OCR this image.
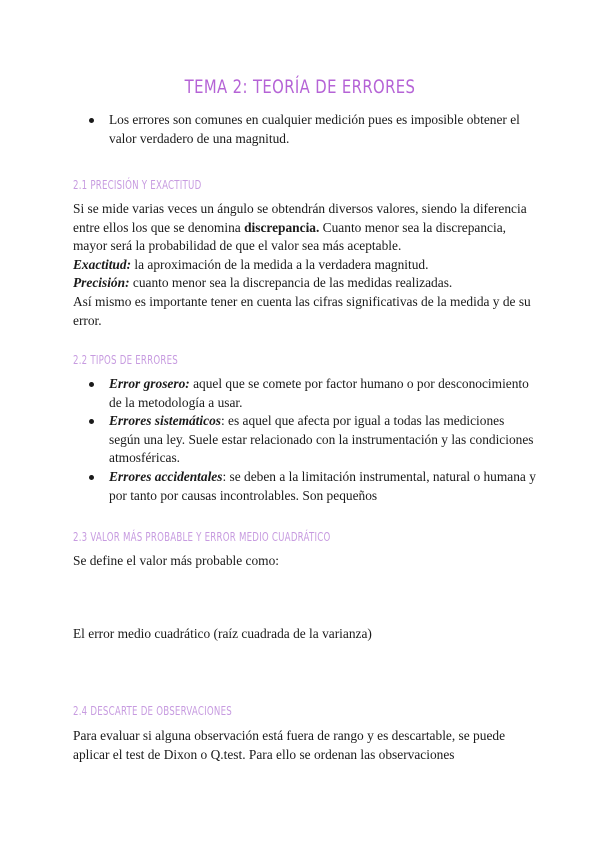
TEMA 2: TEORÍA DE ERRORES
Los errores son comunes en cualquier medición pues es imposible obtener el valor verdadero de una magnitud.
2.1 PRECISIÓN Y EXACTITUD
Si se mide varias veces un ángulo se obtendrán diversos valores, siendo la diferencia entre ellos los que se denomina discrepancia. Cuanto menor sea la discrepancia, mayor será la probabilidad de que el valor sea más aceptable.
Exactitud: la aproximación de la medida a la verdadera magnitud.
Precisión: cuanto menor sea la discrepancia de las medidas realizadas.
Así mismo es importante tener en cuenta las cifras significativas de la medida y de su error.
2.2 TIPOS DE ERRORES
Error grosero: aquel que se comete por factor humano o por desconocimiento de la metodología a usar.
Errores sistemáticos: es aquel que afecta por igual a todas las mediciones según una ley. Suele estar relacionado con la instrumentación y las condiciones atmosféricas.
Errores accidentales: se deben a la limitación instrumental, natural o humana y por tanto por causas incontrolables. Son pequeños
2.3 VALOR MÁS PROBABLE Y ERROR MEDIO CUADRÁTICO
Se define el valor más probable como:
El error medio cuadrático (raíz cuadrada de la varianza)
2.4 DESCARTE DE OBSERVACIONES
Para evaluar si alguna observación está fuera de rango y es descartable, se puede aplicar el test de Dixon o Q.test. Para ello se ordenan las observaciones
